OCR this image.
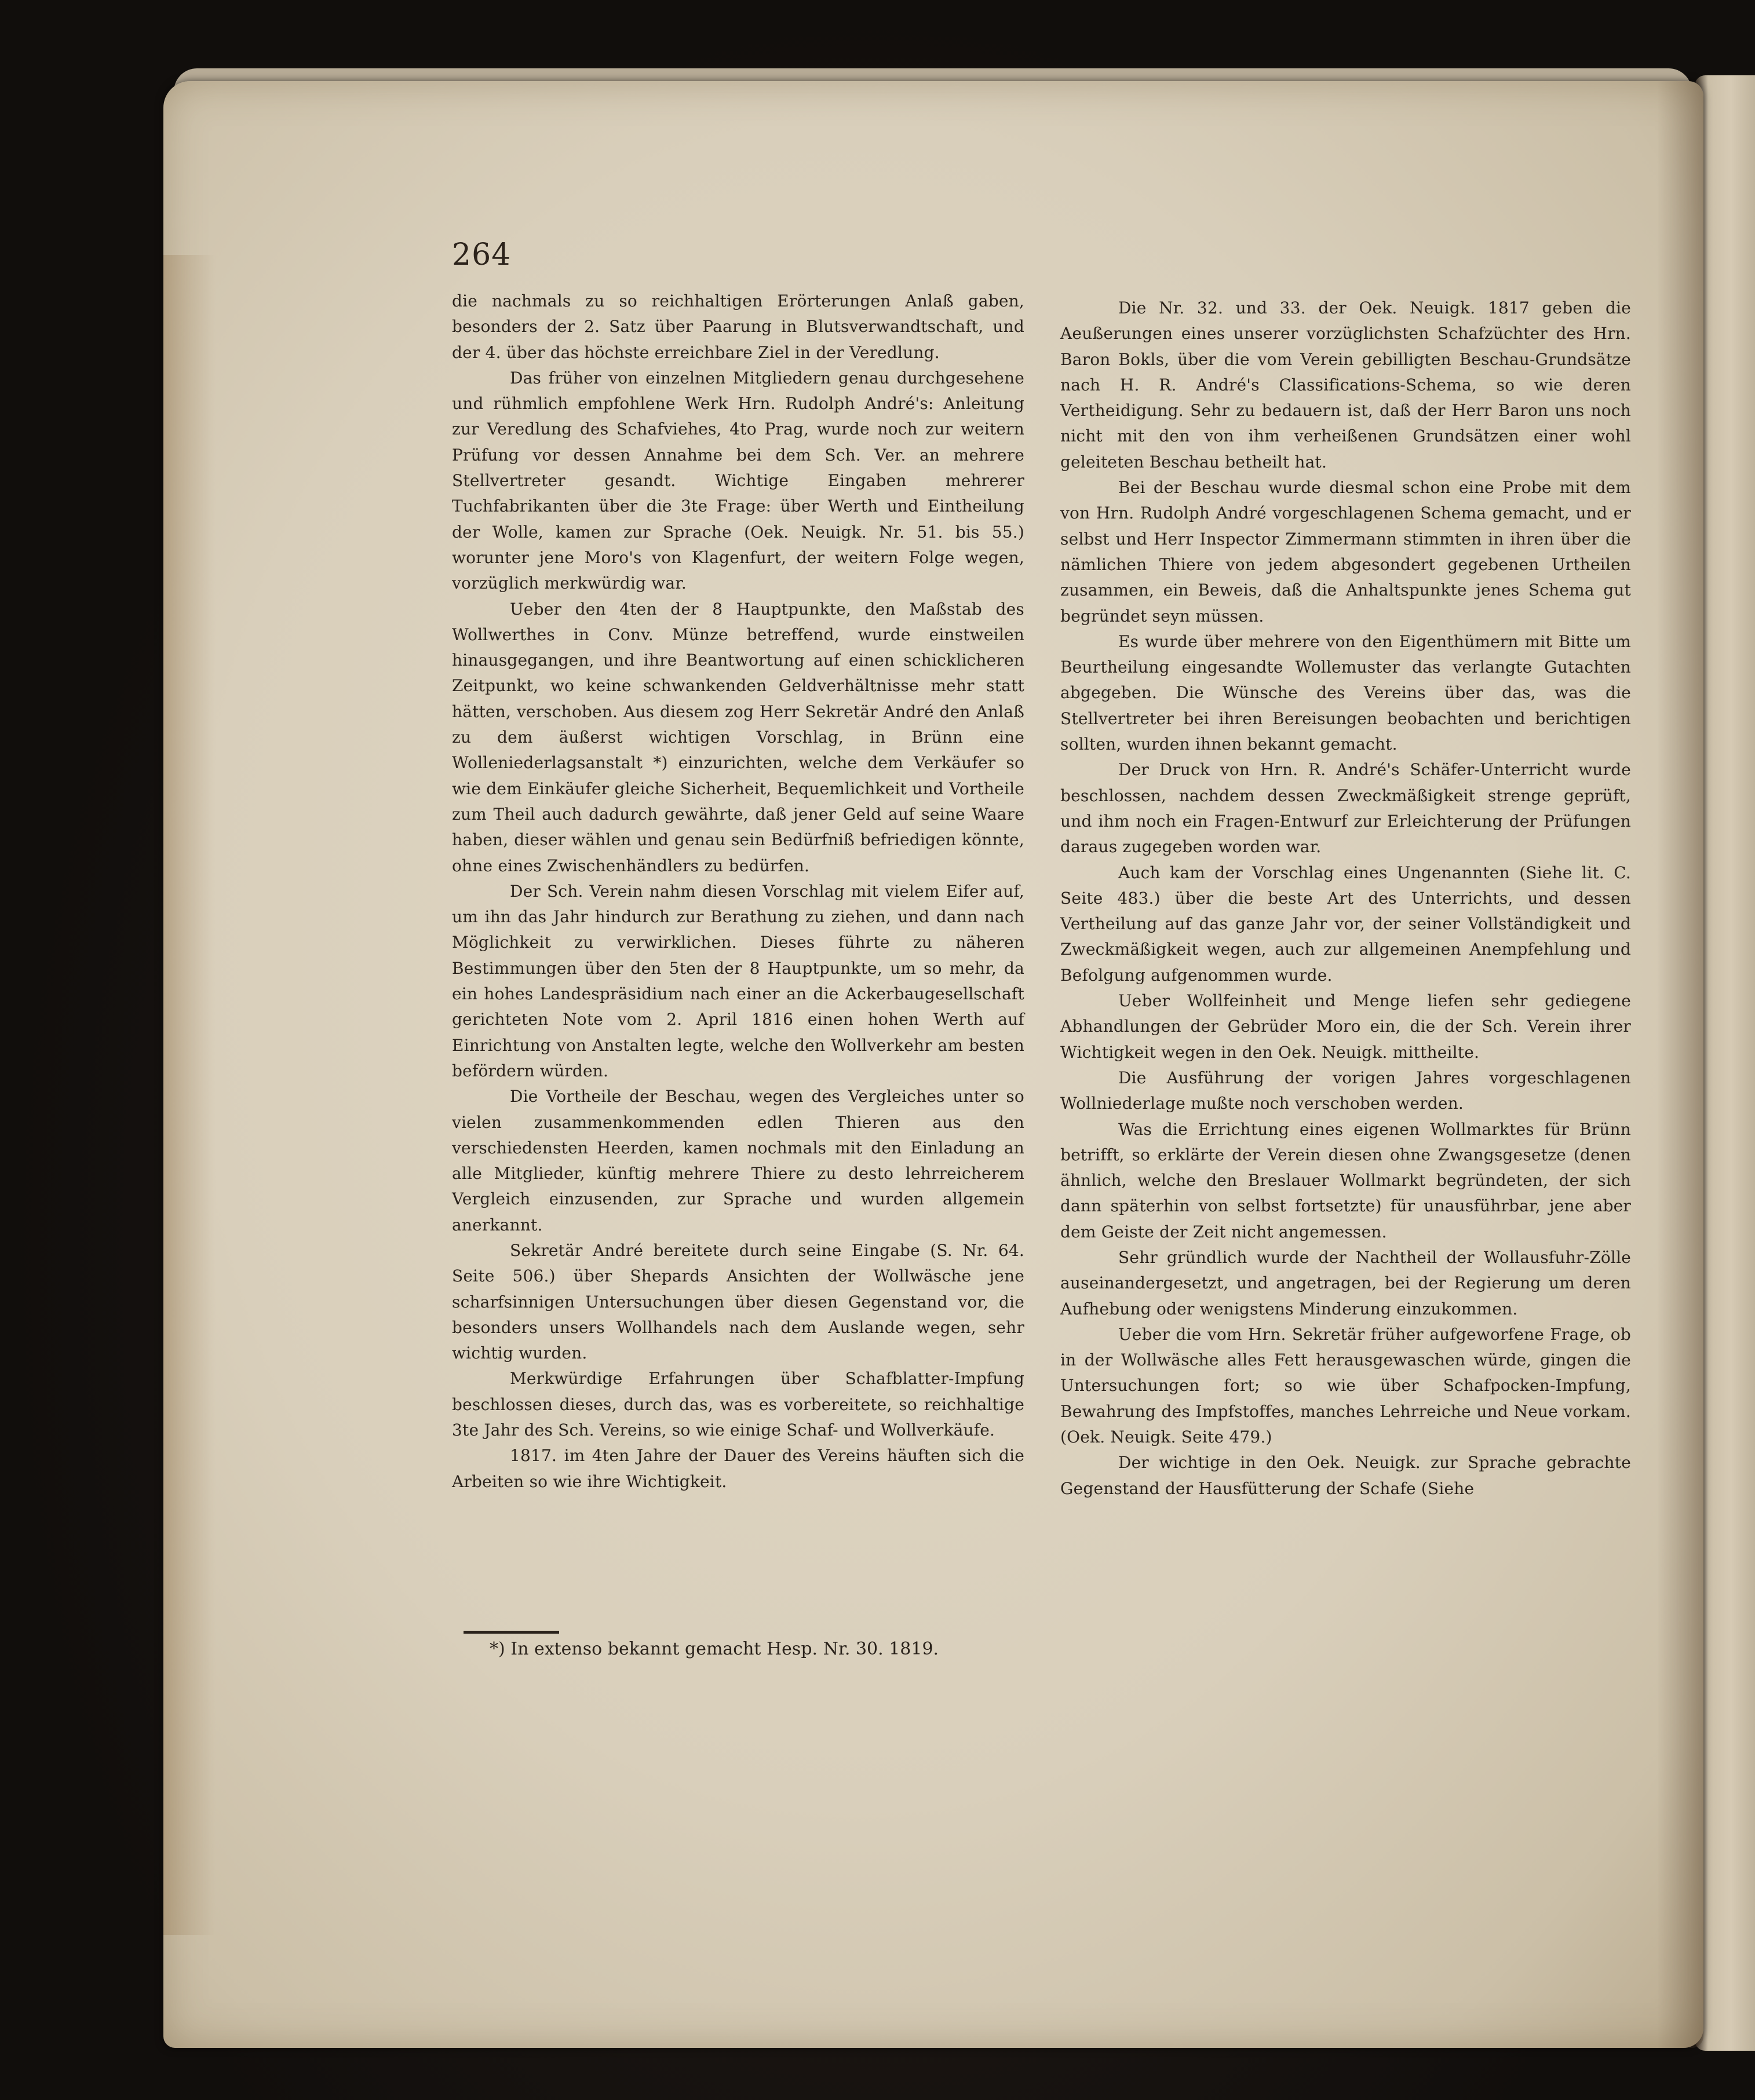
264

die nachmals zu so reichhaltigen Erörterungen Anlaß gaben, besonders der 2. Satz über Paarung in Blutsverwandtschaft, und der 4. über das höchste erreichbare Ziel in der Veredlung.

Das früher von einzelnen Mitgliedern genau durchgesehene und rühmlich empfohlene Werk Hrn. Rudolph André's: Anleitung zur Veredlung des Schafviehes, 4to Prag, wurde noch zur weitern Prüfung vor dessen Annahme bei dem Sch. Ver. an mehrere Stellvertreter gesandt. Wichtige Eingaben mehrerer Tuchfabrikanten über die 3te Frage: über Werth und Eintheilung der Wolle, kamen zur Sprache (Oek. Neuigk. Nr. 51. bis 55.) worunter jene Moro's von Klagenfurt, der weitern Folge wegen, vorzüglich merkwürdig war.

Ueber den 4ten der 8 Hauptpunkte, den Maßstab des Wollwerthes in Conv. Münze betreffend, wurde einstweilen hinausgegangen, und ihre Beantwortung auf einen schicklicheren Zeitpunkt, wo keine schwankenden Geldverhältnisse mehr statt hätten, verschoben. Aus diesem zog Herr Sekretär André den Anlaß zu dem äußerst wichtigen Vorschlag, in Brünn eine Wolleniederlagsanstalt *) einzurichten, welche dem Verkäufer so wie dem Einkäufer gleiche Sicherheit, Bequemlichkeit und Vortheile zum Theil auch dadurch gewährte, daß jener Geld auf seine Waare haben, dieser wählen und genau sein Bedürfniß befriedigen könnte, ohne eines Zwischenhändlers zu bedürfen.

Der Sch. Verein nahm diesen Vorschlag mit vielem Eifer auf, um ihn das Jahr hindurch zur Berathung zu ziehen, und dann nach Möglichkeit zu verwirklichen. Dieses führte zu näheren Bestimmungen über den 5ten der 8 Hauptpunkte, um so mehr, da ein hohes Landespräsidium nach einer an die Ackerbaugesellschaft gerichteten Note vom 2. April 1816 einen hohen Werth auf Einrichtung von Anstalten legte, welche den Wollverkehr am besten befördern würden.

Die Vortheile der Beschau, wegen des Vergleiches unter so vielen zusammenkommenden edlen Thieren aus den verschiedensten Heerden, kamen nochmals mit den Einladung an alle Mitglieder, künftig mehrere Thiere zu desto lehrreicherem Vergleich einzusenden, zur Sprache und wurden allgemein anerkannt.

Sekretär André bereitete durch seine Eingabe (S. Nr. 64. Seite 506.) über Shepards Ansichten der Wollwäsche jene scharfsinnigen Untersuchungen über diesen Gegenstand vor, die besonders unsers Wollhandels nach dem Auslande wegen, sehr wichtig wurden.

Merkwürdige Erfahrungen über Schafblatter-Impfung beschlossen dieses, durch das, was es vorbereitete, so reichhaltige 3te Jahr des Sch. Vereins, so wie einige Schaf- und Wollverkäufe.

1817. im 4ten Jahre der Dauer des Vereins häuften sich die Arbeiten so wie ihre Wichtigkeit.

Die Nr. 32. und 33. der Oek. Neuigk. 1817 geben die Aeußerungen eines unserer vorzüglichsten Schafzüchter des Hrn. Baron Bokls, über die vom Verein gebilligten Beschau-Grundsätze nach H. R. André's Classifications-Schema, so wie deren Vertheidigung. Sehr zu bedauern ist, daß der Herr Baron uns noch nicht mit den von ihm verheißenen Grundsätzen einer wohl geleiteten Beschau betheilt hat.

Bei der Beschau wurde diesmal schon eine Probe mit dem von Hrn. Rudolph André vorgeschlagenen Schema gemacht, und er selbst und Herr Inspector Zimmermann stimmten in ihren über die nämlichen Thiere von jedem abgesondert gegebenen Urtheilen zusammen, ein Beweis, daß die Anhaltspunkte jenes Schema gut begründet seyn müssen.

Es wurde über mehrere von den Eigenthümern mit Bitte um Beurtheilung eingesandte Wollemuster das verlangte Gutachten abgegeben. Die Wünsche des Vereins über das, was die Stellvertreter bei ihren Bereisungen beobachten und berichtigen sollten, wurden ihnen bekannt gemacht.

Der Druck von Hrn. R. André's Schäfer-Unterricht wurde beschlossen, nachdem dessen Zweckmäßigkeit strenge geprüft, und ihm noch ein Fragen-Entwurf zur Erleichterung der Prüfungen daraus zugegeben worden war.

Auch kam der Vorschlag eines Ungenannten (Siehe lit. C. Seite 483.) über die beste Art des Unterrichts, und dessen Vertheilung auf das ganze Jahr vor, der seiner Vollständigkeit und Zweckmäßigkeit wegen, auch zur allgemeinen Anempfehlung und Befolgung aufgenommen wurde.

Ueber Wollfeinheit und Menge liefen sehr gediegene Abhandlungen der Gebrüder Moro ein, die der Sch. Verein ihrer Wichtigkeit wegen in den Oek. Neuigk. mittheilte.

Die Ausführung der vorigen Jahres vorgeschlagenen Wollniederlage mußte noch verschoben werden.

Was die Errichtung eines eigenen Wollmarktes für Brünn betrifft, so erklärte der Verein diesen ohne Zwangsgesetze (denen ähnlich, welche den Breslauer Wollmarkt begründeten, der sich dann späterhin von selbst fortsetzte) für unausführbar, jene aber dem Geiste der Zeit nicht angemessen.

Sehr gründlich wurde der Nachtheil der Wollausfuhr-Zölle auseinandergesetzt, und angetragen, bei der Regierung um deren Aufhebung oder wenigstens Minderung einzukommen.

Ueber die vom Hrn. Sekretär früher aufgeworfene Frage, ob in der Wollwäsche alles Fett herausgewaschen würde, gingen die Untersuchungen fort; so wie über Schafpocken-Impfung, Bewahrung des Impfstoffes, manches Lehrreiche und Neue vorkam. (Oek. Neuigk. Seite 479.)

Der wichtige in den Oek. Neuigk. zur Sprache gebrachte Gegenstand der Hausfütterung der Schafe (Siehe

*) In extenso bekannt gemacht Hesp. Nr. 30. 1819.
